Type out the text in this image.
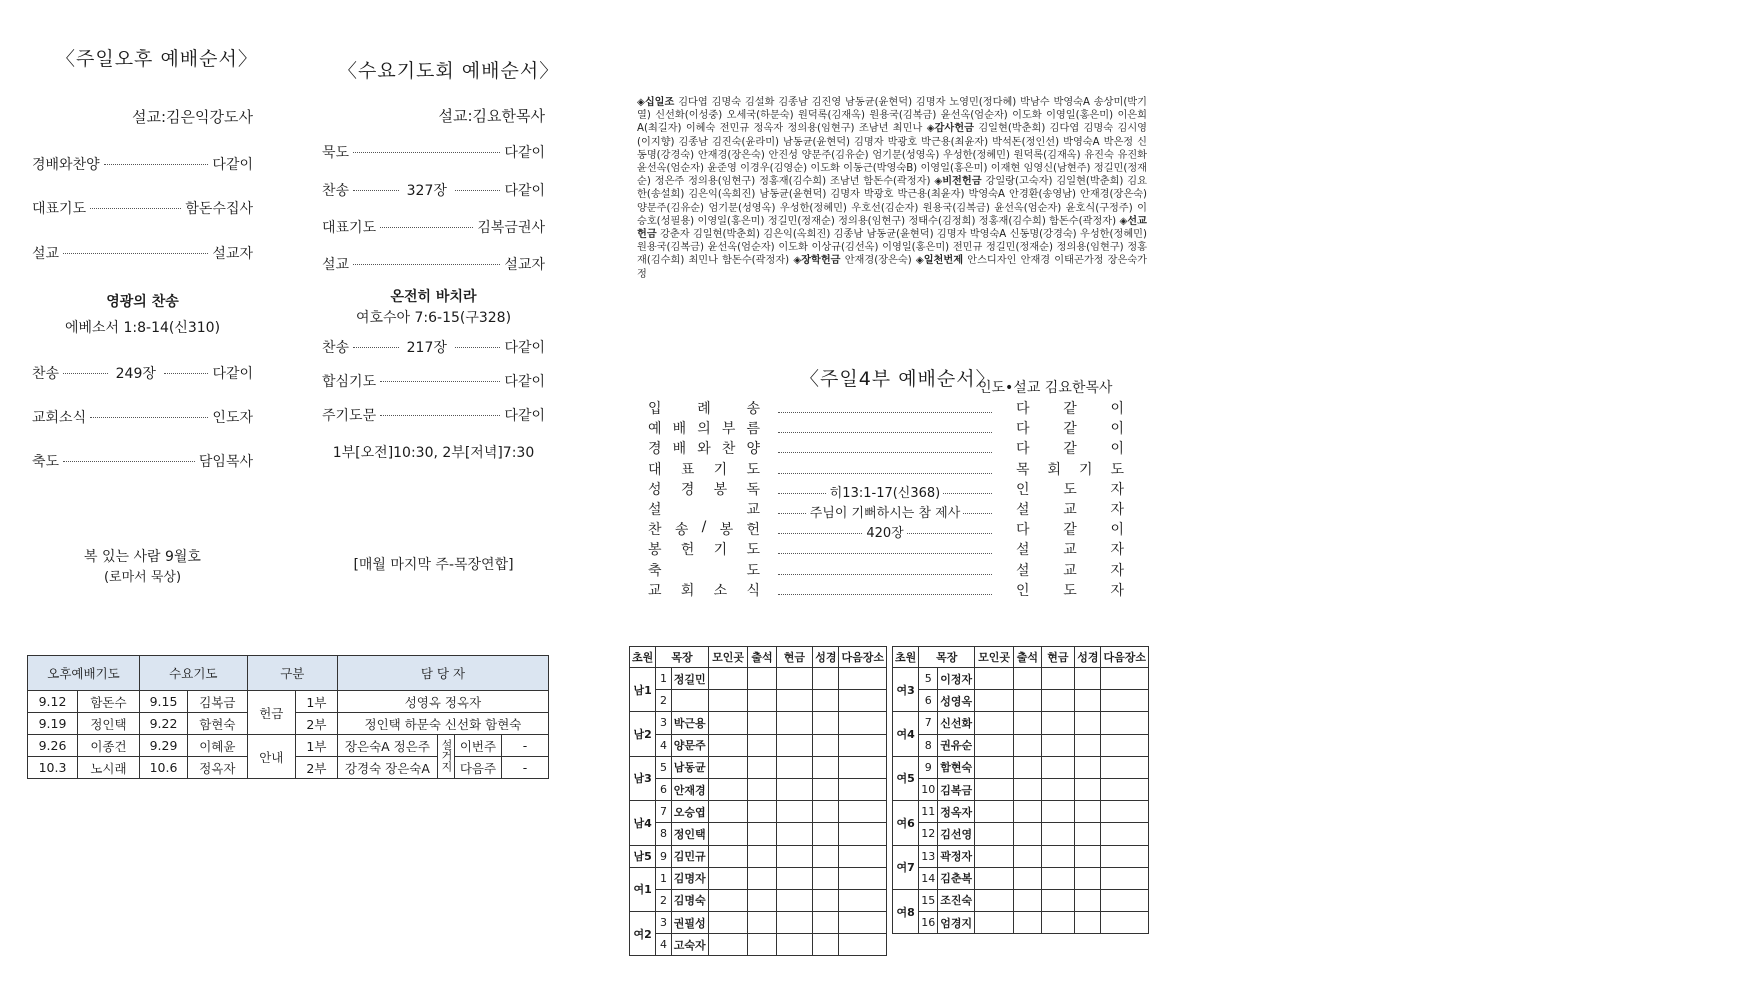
〈주일오후 예배순서〉
설교:김은익강도사
경배와찬양	다같이
대표기도	함돈수집사
설교	설교자
영광의 찬송
에베소서 1:8-14(신310)
찬송	249장	다같이
교회소식	인도자
축도	담임목사
복 있는 사람 9월호
(로마서 묵상)
〈수요기도회 예배순서〉
설교:김요한목사
묵도	다같이
찬송	327장	다같이
대표기도	김복금권사
설교	설교자
온전히 바치라
여호수아 7:6-15(구328)
찬송	217장	다같이
합심기도	다같이
주기도문	다같이
1부[오전]10:30, 2부[저녁]7:30
[매월 마지막 주-목장연합]
◈십일조 김다엽 김명숙 김설화 김종남 김진영 남동균(윤현덕) 김명자 노영민(정다혜) 박남수 박영숙A 송상미(박기열) 신선화(이성중) 오세국(하문숙) 원덕록(김재옥) 원용국(김복금) 윤선옥(엄순자) 이도화 이영일(홍은미) 이은희A(최길자) 이혜숙 전민규 정옥자 정의용(임현구) 조남년 최민나 ◈감사헌금 김일현(박춘희) 김다엽 김명숙 김시영(이지향) 김종남 김진숙(윤라미) 남동균(윤현덕) 김명자 박광호 박근용(최윤자) 박석돈(정인선) 박영숙A 박은정 신동명(강경숙) 안재경(장은숙) 안진성 양문주(김유순) 엄기문(성영옥) 우성한(정혜민) 원덕록(김재옥) 유진숙 유진화 윤선옥(엄순자) 윤준영 이경우(김영순) 이도화 이동근(박영숙B) 이영일(홍은미) 이재현 임영신(남현주) 정길민(정재순) 정은주 정의용(임현구) 정홍재(김수희) 조남년 함돈수(곽정자) ◈비전헌금 강일랑(고숙자) 김일현(박춘희) 김요한(송설희) 김은익(옥희진) 남동균(윤현덕) 김명자 박광호 박근용(최윤자) 박영숙A 안경환(송영남) 안재경(장은숙) 양문주(김유순) 엄기문(성영옥) 우성한(정혜민) 우호선(김순자) 원용국(김복금) 윤선옥(엄순자) 윤호식(구정주) 이승호(성필용) 이영일(홍은미) 정길민(정재순) 정의용(임현구) 정태수(김정희) 정홍재(김수희) 함돈수(곽정자) ◈선교헌금 강춘자 김일현(박춘희) 김은익(옥희진) 김종남 남동균(윤현덕) 김명자 박영숙A 신동명(강경숙) 우성한(정혜민) 원용국(김복금) 윤선옥(엄순자) 이도화 이상규(김선옥) 이영일(홍은미) 전민규 정길민(정재순) 정의용(임현구) 정홍재(김수희) 최민나 함돈수(곽정자) ◈장학헌금 안재경(장은숙) ◈일천번제 안스디자인 안재경 이태곤가정 장은숙가정
〈주일4부 예배순서〉
인도•설교 김요한목사
입	례	송	다 같 이
예 배 의 부 름	다 같 이
경 배 와 찬 양	다 같 이
대 표 기 도	목 회 기 도
성 경 봉 독	히13:1-17(신368)	인 도 자
설	교	주님이 기뻐하시는 참 제사	설 교 자
찬 송 / 봉 헌	420장	다 같 이
봉 헌 기 도	설 교 자
축	도	설 교 자
교 회 소 식	인 도 자
오후예배기도		수요기도		구분		담 당 자			
9.12	함돈수	9.15	김복금	헌금	1부	성영옥 정옥자			
9.19	정인택	9.22	함현숙		2부	정인택 하문숙 신선화 함현숙			
9.26	이종건	9.29	이혜윤	안내	1부	장은숙A 정은주	설거지	이번주	-
10.3	노시래	10.6	정옥자		2부	강경숙 장은숙A		다음주	-
초원	목장		모인곳	출석	현금	성경	다음장소
남1	1	정길민					
	2						
남2	3	박근용					
	4	양문주					
남3	5	남동균					
	6	안재경					
남4	7	오승엽					
	8	정인택					
남5	9	김민규					
여1	1	김명자					
	2	김명숙					
여2	3	권필성					
	4	고숙자					
초원	목장		모인곳	출석	현금	성경	다음장소
여3	5	이정자					
	6	성영옥					
여4	7	신선화					
	8	권유순					
여5	9	함현숙					
	10	김복금					
여6	11	정옥자					
	12	김선영					
여7	13	곽정자					
	14	김춘복					
여8	15	조진숙					
	16	엄경지					
